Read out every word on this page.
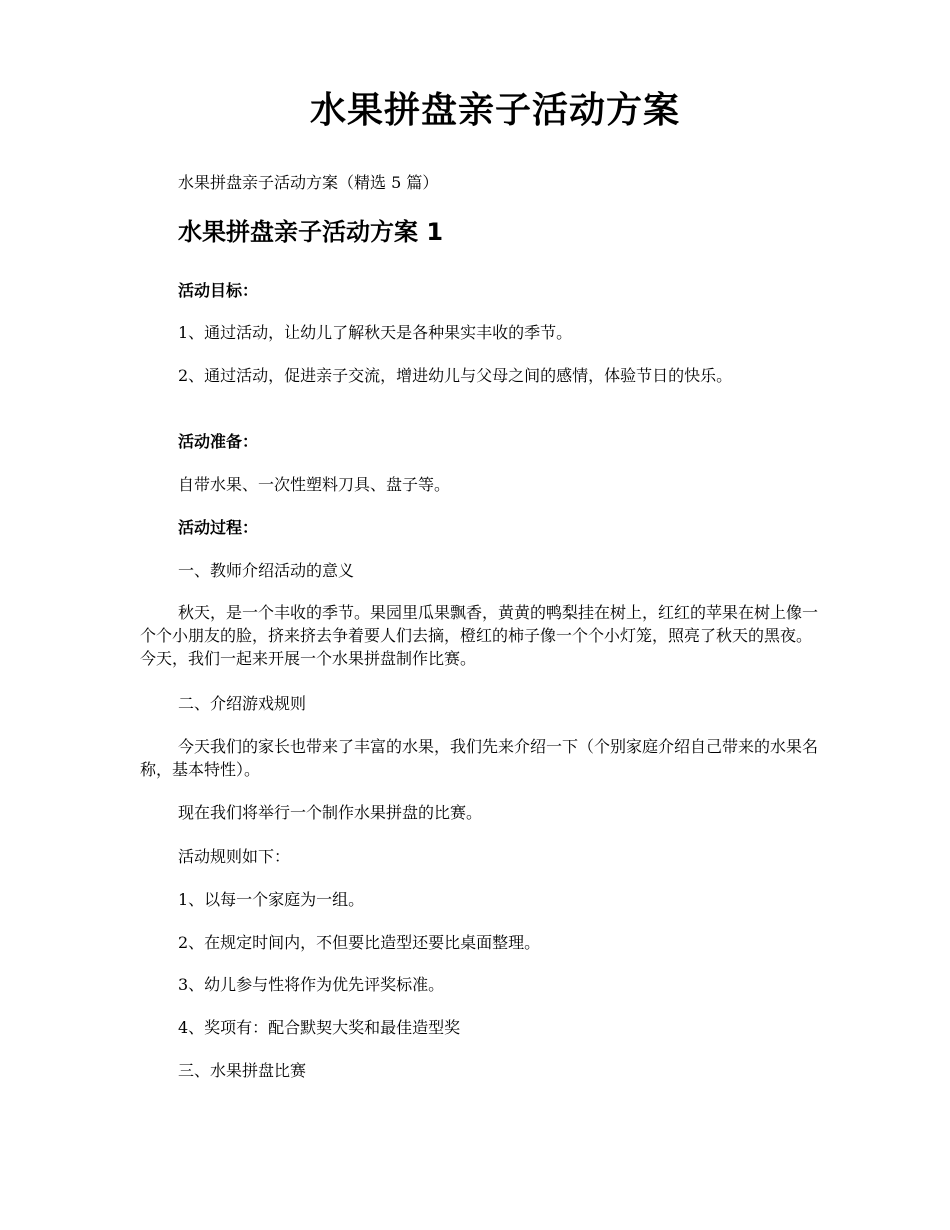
水果拼盘亲子活动方案

水果拼盘亲子活动方案（精选 5 篇）

水果拼盘亲子活动方案 1

活动目标：

1、通过活动，让幼儿了解秋天是各种果实丰收的季节。

2、通过活动，促进亲子交流，增进幼儿与父母之间的感情，体验节日的快乐。

活动准备：

自带水果、一次性塑料刀具、盘子等。

活动过程：

一、教师介绍活动的意义

秋天，是一个丰收的季节。果园里瓜果飘香，黄黄的鸭梨挂在树上，红红的苹果在树上像一个个小朋友的脸，挤来挤去争着要人们去摘，橙红的柿子像一个个小灯笼，照亮了秋天的黑夜。今天，我们一起来开展一个水果拼盘制作比赛。

二、介绍游戏规则

今天我们的家长也带来了丰富的水果，我们先来介绍一下（个别家庭介绍自己带来的水果名称，基本特性）。

现在我们将举行一个制作水果拼盘的比赛。

活动规则如下：

1、以每一个家庭为一组。

2、在规定时间内，不但要比造型还要比桌面整理。

3、幼儿参与性将作为优先评奖标准。

4、奖项有：配合默契大奖和最佳造型奖

三、水果拼盘比赛
